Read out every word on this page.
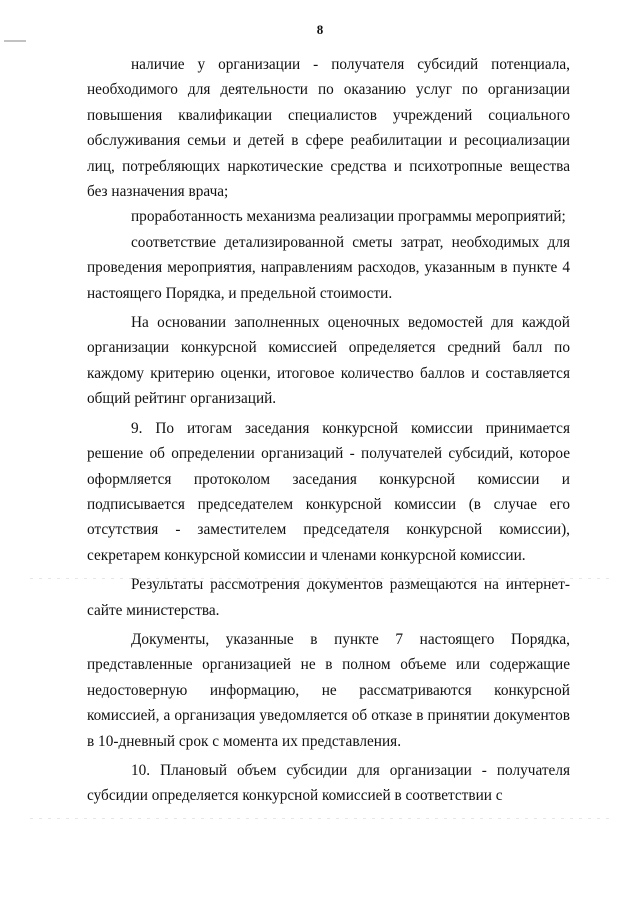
8

наличие у организации - получателя субсидий потенциала, необходимого для деятельности по оказанию услуг по организации повышения квалификации специалистов учреждений социального обслуживания семьи и детей в сфере реабилитации и ресоциализации лиц, потребляющих наркотические средства и психотропные вещества без назначения врача;

проработанность механизма реализации программы мероприятий;

соответствие детализированной сметы затрат, необходимых для проведения мероприятия, направлениям расходов, указанным в пункте 4 настоящего Порядка, и предельной стоимости.

На основании заполненных оценочных ведомостей для каждой организации конкурсной комиссией определяется средний балл по каждому критерию оценки, итоговое количество баллов и составляется общий рейтинг организаций.

9. По итогам заседания конкурсной комиссии принимается решение об определении организаций - получателей субсидий, которое оформляется протоколом заседания конкурсной комиссии и подписывается председателем конкурсной комиссии (в случае его отсутствия - заместителем председателя конкурсной комиссии), секретарем конкурсной комиссии и членами конкурсной комиссии.

Результаты рассмотрения документов размещаются на интернет-сайте министерства.

Документы, указанные в пункте 7 настоящего Порядка, представленные организацией не в полном объеме или содержащие недостоверную информацию, не рассматриваются конкурсной комиссией, а организация уведомляется об отказе в принятии документов в 10-дневный срок с момента их представления.

10. Плановый объем субсидии для организации - получателя субсидии определяется конкурсной комиссией в соответствии с
